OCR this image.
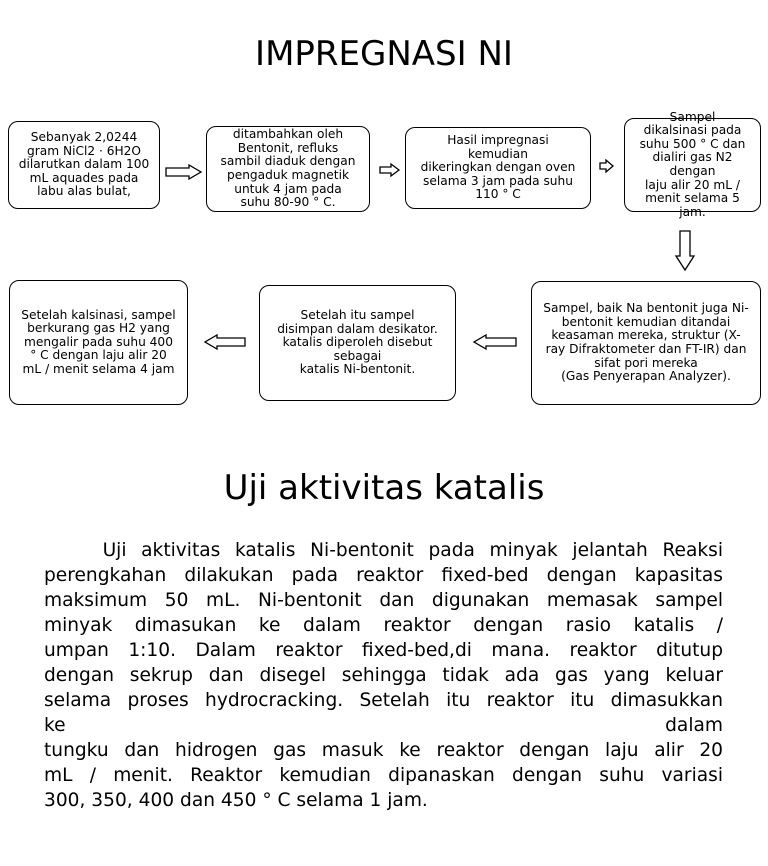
IMPREGNASI NI
Sebanyak 2,0244
gram NiCl2 · 6H2O
dilarutkan dalam 100
mL aquades pada
labu alas bulat,
ditambahkan oleh
Bentonit, refluks
sambil diaduk dengan
pengaduk magnetik
untuk 4 jam pada
suhu 80-90 ° C.
Hasil impregnasi
kemudian
dikeringkan dengan oven
selama 3 jam pada suhu
110 ° C
Sampel
dikalsinasi pada
suhu 500 ° C dan
dialiri gas N2
dengan
laju alir 20 mL /
menit selama 5
jam.
Setelah kalsinasi, sampel
berkurang gas H2 yang
mengalir pada suhu 400
° C dengan laju alir 20
mL / menit selama 4 jam
Setelah itu sampel
disimpan dalam desikator.
katalis diperoleh disebut
sebagai
katalis Ni-bentonit.
Sampel, baik Na bentonit juga Ni-
bentonit kemudian ditandai
keasaman mereka, struktur (X-
ray Difraktometer dan FT-IR) dan
sifat pori mereka
(Gas Penyerapan Analyzer).
Uji aktivitas katalis
Uji aktivitas katalis Ni-bentonit pada minyak jelantah Reaksi
perengkahan dilakukan pada reaktor fixed-bed dengan kapasitas
maksimum 50 mL. Ni-bentonit dan digunakan memasak sampel
minyak dimasukan ke dalam reaktor dengan rasio katalis /
umpan 1:10. Dalam reaktor fixed-bed,di mana. reaktor ditutup
dengan sekrup dan disegel sehingga tidak ada gas yang keluar
selama proses hydrocracking. Setelah itu reaktor itu dimasukkan
ke dalam
tungku dan hidrogen gas masuk ke reaktor dengan laju alir 20
mL / menit. Reaktor kemudian dipanaskan dengan suhu variasi
300, 350, 400 dan 450 ° C selama 1 jam.
